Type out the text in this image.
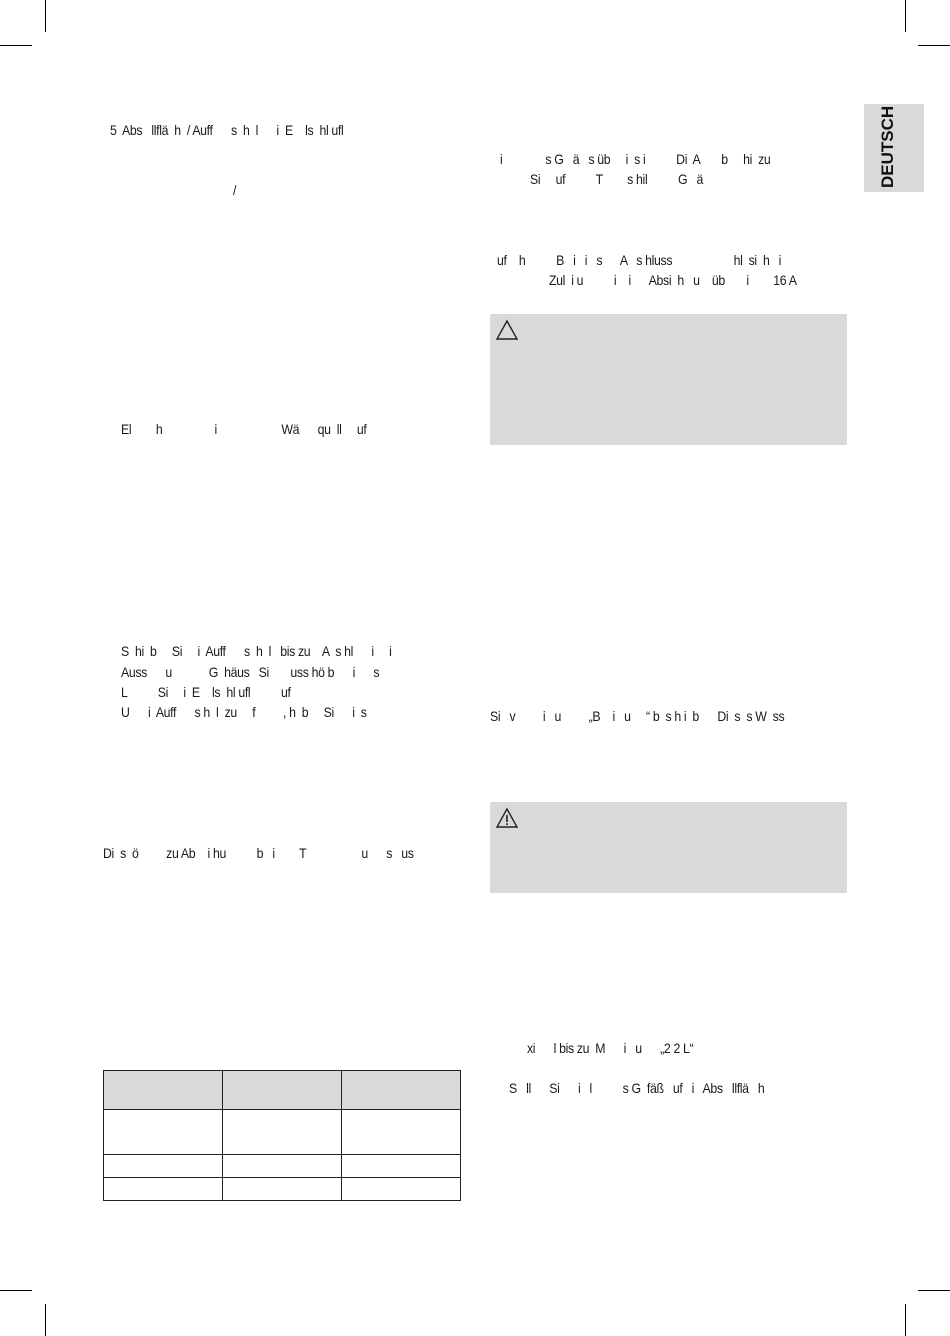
DEUTSCH
5  Abs   llflä  h  / Auff      s  h  l      i  E    ls  hl ufl
/
El        h                 i                     Wä      qu  ll     uf
S  hi  b     Si     i  Auff      s  h  l   bis zu    A  s hl      i     i
Auss      u            G  häus   Si       uss hö b      i      s
L          Si     i  E    ls  hl ufl          uf
U      i  Auff      s h  l  zu     f         , h  b     Si      i  s
Di  s  ö         zu Ab    i hu          b   i        T                  u      s   us
i              s G   ä   s üb     i  s i          Di  A       b     hi  zu
Si     uf          T        s hil          G   ä
uf    h          B   i   i   s      A   s hluss                    hl  si  h   i
Zul  i u          i    i      Absi  h   u    üb       i        16 A
Si   v         i   u         „B    i   u     “ b  s h i  b      Di  s  s W  ss
xi      l bis zu  M      i   u      „2 2 L“
S   ll      Si      i   l          s G  fäß   uf   i   Abs   llflä   h
